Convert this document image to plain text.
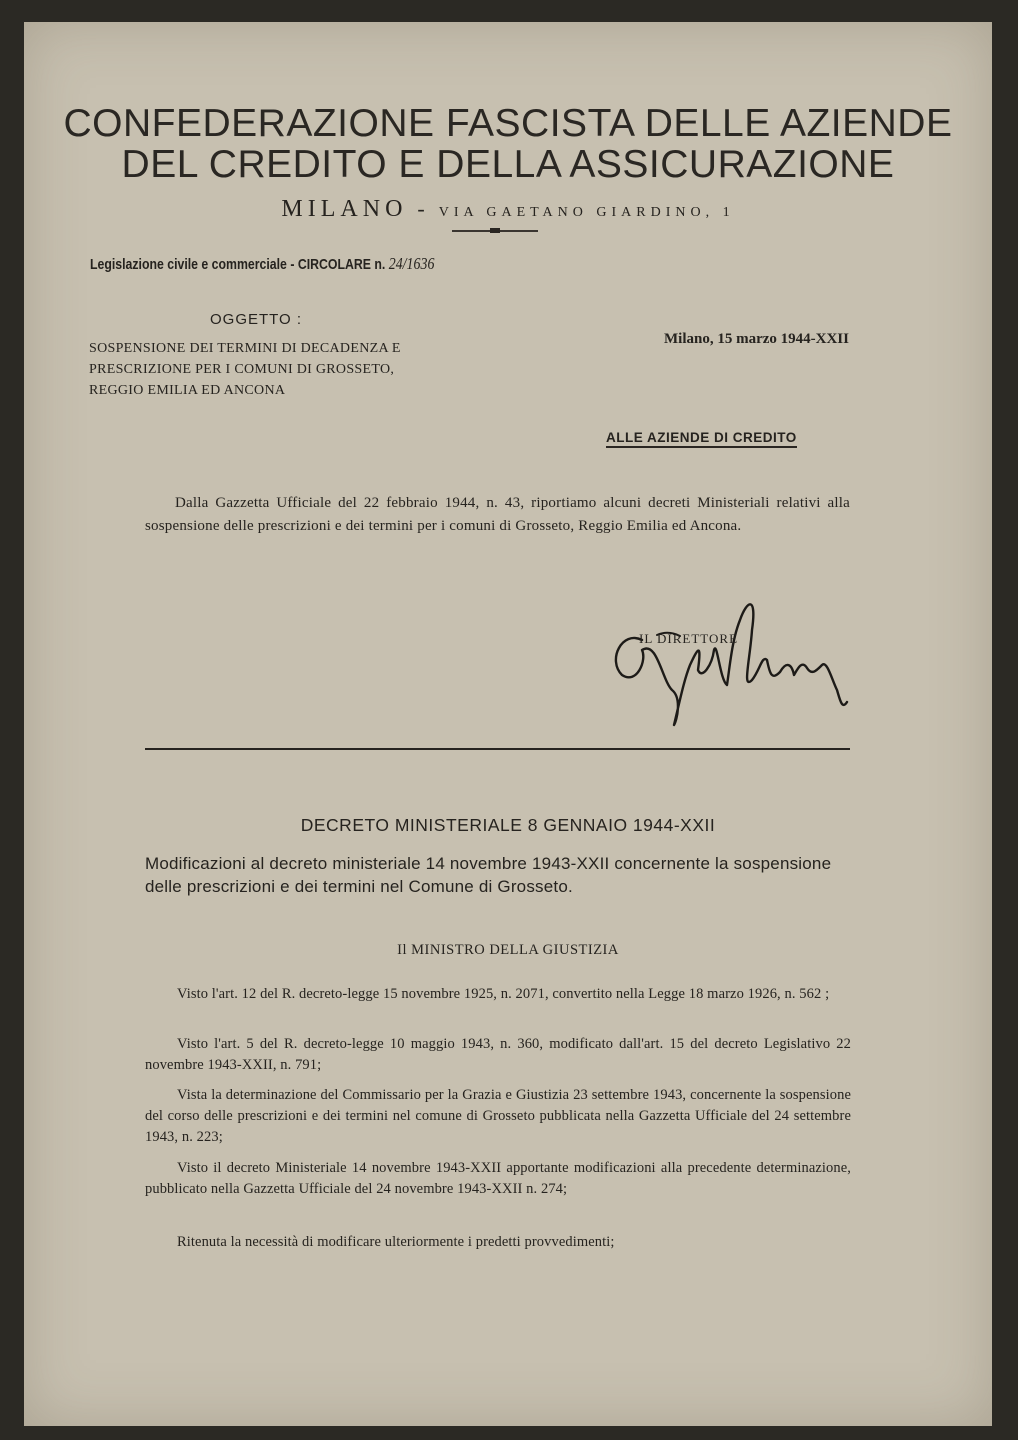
CONFEDERAZIONE FASCISTA DELLE AZIENDE
DEL CREDITO E DELLA ASSICURAZIONE
MILANO - VIA GAETANO GIARDINO, 1
Legislazione civile e commerciale - CIRCOLARE n. 24/1636
OGGETTO :
SOSPENSIONE DEI TERMINI DI DECADENZA E PRESCRIZIONE PER I COMUNI DI GROSSETO, REGGIO EMILIA ED ANCONA
Milano, 15 marzo 1944-XXII
ALLE AZIENDE DI CREDITO
Dalla Gazzetta Ufficiale del 22 febbraio 1944, n. 43, riportiamo alcuni decreti Ministeriali relativi alla sospensione delle prescrizioni e dei termini per i comuni di Grosseto, Reggio Emilia ed Ancona.
IL DIRETTORE
DECRETO MINISTERIALE 8 GENNAIO 1944-XXII
Modificazioni al decreto ministeriale 14 novembre 1943-XXII concernente la sospensione delle prescrizioni e dei termini nel Comune di Grosseto.
Il MINISTRO DELLA GIUSTIZIA
Visto l'art. 12 del R. decreto-legge 15 novembre 1925, n. 2071, convertito nella Legge 18 marzo 1926, n. 562 ;
Visto l'art. 5 del R. decreto-legge 10 maggio 1943, n. 360, modificato dall'art. 15 del decreto Legislativo 22 novembre 1943-XXII, n. 791;
Vista la determinazione del Commissario per la Grazia e Giustizia 23 settembre 1943, concernente la sospensione del corso delle prescrizioni e dei termini nel comune di Grosseto pubblicata nella Gazzetta Ufficiale del 24 settembre 1943, n. 223;
Visto il decreto Ministeriale 14 novembre 1943-XXII apportante modificazioni alla precedente determinazione, pubblicato nella Gazzetta Ufficiale del 24 novembre 1943-XXII n. 274;
Ritenuta la necessità di modificare ulteriormente i predetti provvedimenti;
